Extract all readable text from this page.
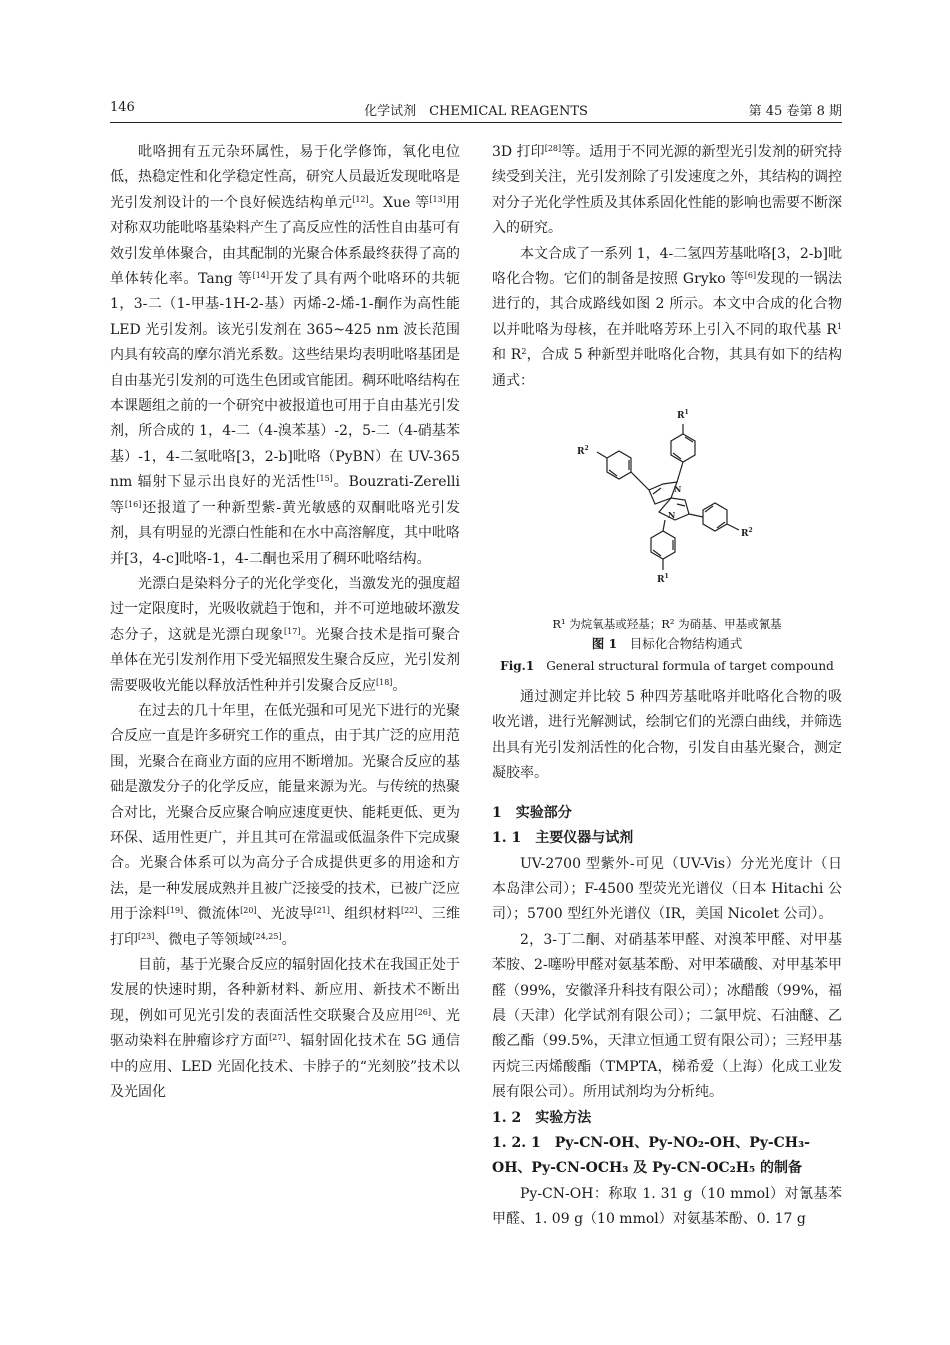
146	化学试剂　CHEMICAL REAGENTS	第 45 卷第 8 期

吡咯拥有五元杂环属性，易于化学修饰，氧化电位低，热稳定性和化学稳定性高，研究人员最近发现吡咯是光引发剂设计的一个良好候选结构单元[12]。Xue 等[13]用对称双功能吡咯基染料产生了高反应性的活性自由基可有效引发单体聚合，由其配制的光聚合体系最终获得了高的单体转化率。Tang 等[14]开发了具有两个吡咯环的共轭 1，3-二（1-甲基-1H-2-基）丙烯-2-烯-1-酮作为高性能 LED 光引发剂。该光引发剂在 365~425 nm 波长范围内具有较高的摩尔消光系数。这些结果均表明吡咯基团是自由基光引发剂的可选生色团或官能团。稠环吡咯结构在本课题组之前的一个研究中被报道也可用于自由基光引发剂，所合成的 1，4-二（4-溴苯基）-2，5-二（4-硝基苯基）-1，4-二氢吡咯[3，2-b]吡咯（PyBN）在 UV-365 nm 辐射下显示出良好的光活性[15]。Bouzrati-Zerelli 等[16]还报道了一种新型紫-黄光敏感的双酮吡咯光引发剂，具有明显的光漂白性能和在水中高溶解度，其中吡咯并[3，4-c]吡咯-1，4-二酮也采用了稠环吡咯结构。

光漂白是染料分子的光化学变化，当激发光的强度超过一定限度时，光吸收就趋于饱和，并不可逆地破坏激发态分子，这就是光漂白现象[17]。光聚合技术是指可聚合单体在光引发剂作用下受光辐照发生聚合反应，光引发剂需要吸收光能以释放活性种并引发聚合反应[18]。

在过去的几十年里，在低光强和可见光下进行的光聚合反应一直是许多研究工作的重点，由于其广泛的应用范围，光聚合在商业方面的应用不断增加。光聚合反应的基础是激发分子的化学反应，能量来源为光。与传统的热聚合对比，光聚合反应聚合响应速度更快、能耗更低、更为环保、适用性更广，并且其可在常温或低温条件下完成聚合。光聚合体系可以为高分子合成提供更多的用途和方法，是一种发展成熟并且被广泛接受的技术，已被广泛应用于涂料[19]、微流体[20]、光波导[21]、组织材料[22]、三维打印[23]、微电子等领域[24,25]。

目前，基于光聚合反应的辐射固化技术在我国正处于发展的快速时期，各种新材料、新应用、新技术不断出现，例如可见光引发的表面活性交联聚合及应用[26]、光驱动染料在肿瘤诊疗方面[27]、辐射固化技术在 5G 通信中的应用、LED 光固化技术、卡脖子的“光刻胶”技术以及光固化

3D 打印[28]等。适用于不同光源的新型光引发剂的研究持续受到关注，光引发剂除了引发速度之外，其结构的调控对分子光化学性质及其体系固化性能的影响也需要不断深入的研究。

本文合成了一系列 1，4-二氢四芳基吡咯[3，2-b]吡咯化合物。它们的制备是按照 Gryko 等[6]发现的一锅法进行的，其合成路线如图 2 所示。本文中合成的化合物以并吡咯为母核，在并吡咯芳环上引入不同的取代基 $R^1$ 和 $R^2$，合成 5 种新型并吡咯化合物，其具有如下的结构通式：

$R^1$
$R^2$
$R^2$
$R^1$
N
N
R¹ 为烷氧基或羟基；R² 为硝基、甲基或氰基
图 1　 目标化合物结构通式
Fig.1　 General structural formula of target compound

通过测定并比较 5 种四芳基吡咯并吡咯化合物的吸收光谱，进行光解测试，绘制它们的光漂白曲线，并筛选出具有光引发剂活性的化合物，引发自由基光聚合，测定凝胶率。

1　实验部分
1. 1　主要仪器与试剂

UV-2700 型紫外-可见（UV-Vis）分光光度计（日本岛津公司）；F-4500 型荧光光谱仪（日本 Hitachi 公司）；5700 型红外光谱仪（IR，美国 Nicolet 公司）。

2，3-丁二酮、对硝基苯甲醛、对溴苯甲醛、对甲基苯胺、2-噻吩甲醛对氨基苯酚、对甲苯磺酸、对甲基苯甲醛（99%，安徽泽升科技有限公司）；冰醋酸（99%，福晨（天津）化学试剂有限公司）；二氯甲烷、石油醚、乙酸乙酯（99.5%，天津立恒通工贸有限公司）；三羟甲基丙烷三丙烯酸酯（TMPTA，梯希爱（上海）化成工业发展有限公司）。所用试剂均为分析纯。

1. 2　实验方法
1. 2. 1　Py-CN-OH、Py-NO₂-OH、Py-CH₃-OH、Py-CN-OCH₃ 及 Py-CN-OC₂H₅ 的制备

Py-CN-OH：称取 1. 31 g（10 mmol）对氰基苯甲醛、1. 09 g（10 mmol）对氨基苯酚、0. 17 g
